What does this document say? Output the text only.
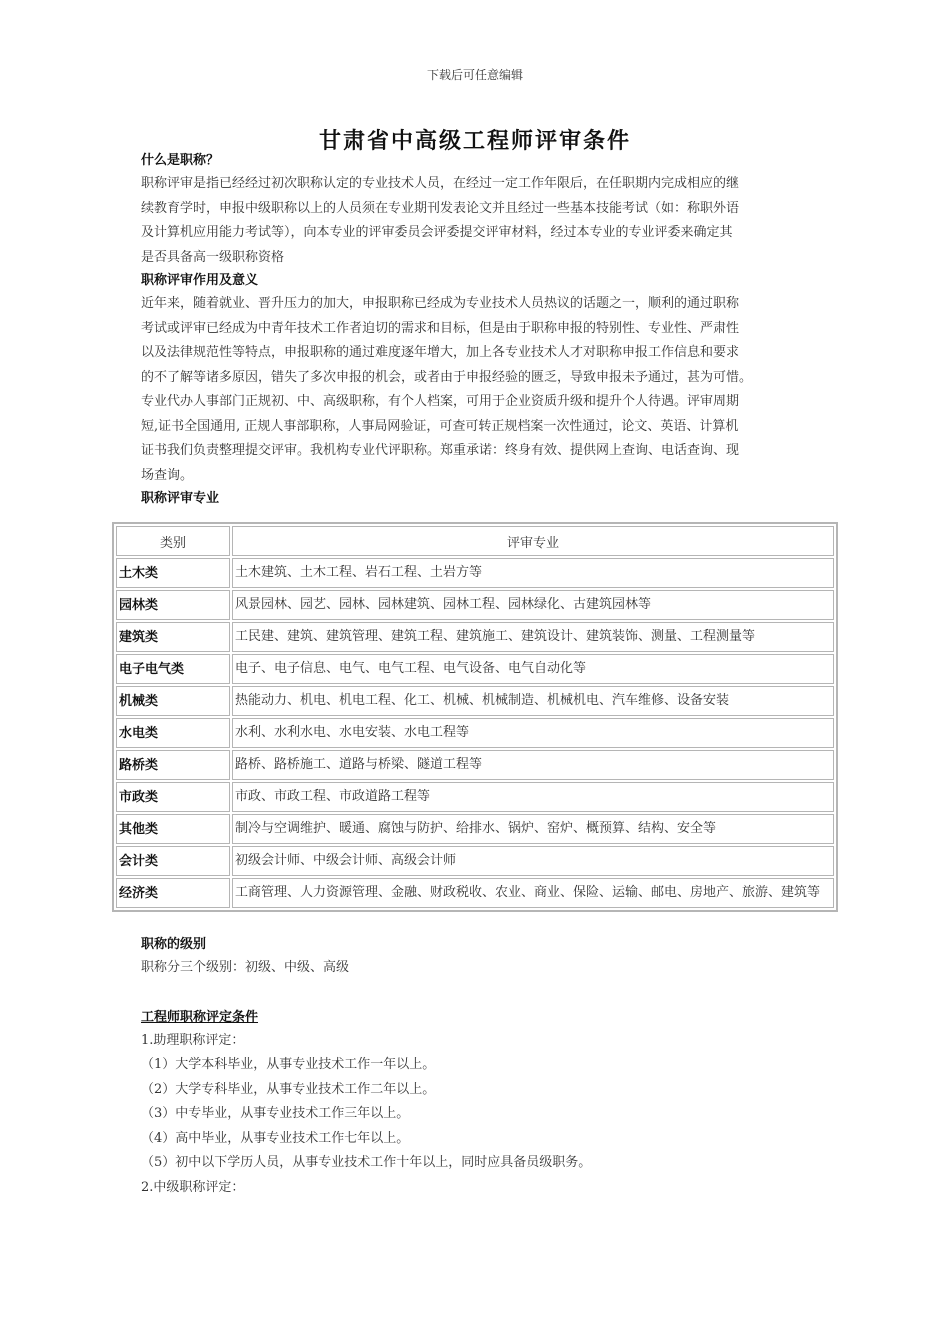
下载后可任意编辑
甘肃省中高级工程师评审条件

什么是职称？

职称评审是指已经经过初次职称认定的专业技术人员，在经过一定工作年限后，在任职期内完成相应的继

续教育学时，申报中级职称以上的人员须在专业期刊发表论文并且经过一些基本技能考试（如：称职外语

及计算机应用能力考试等），向本专业的评审委员会评委提交评审材料，经过本专业的专业评委来确定其

是否具备高一级职称资格

职称评审作用及意义

近年来，随着就业、晋升压力的加大，申报职称已经成为专业技术人员热议的话题之一，顺利的通过职称

考试或评审已经成为中青年技术工作者迫切的需求和目标，但是由于职称申报的特别性、专业性、严肃性

以及法律规范性等特点，申报职称的通过难度逐年增大，加上各专业技术人才对职称申报工作信息和要求

的不了解等诸多原因，错失了多次申报的机会，或者由于申报经验的匮乏，导致申报未予通过，甚为可惜。

专业代办人事部门正规初、中、高级职称，有个人档案，可用于企业资质升级和提升个人待遇。评审周期

短,证书全国通用, 正规人事部职称，人事局网验证，可查可转正规档案一次性通过，论文、英语、计算机

证书我们负责整理提交评审。我机构专业代评职称。郑重承诺：终身有效、提供网上查询、电话查询、现

场查询。

职称评审专业

类别	评审专业
土木类	土木建筑、土木工程、岩石工程、土岩方等
园林类	风景园林、园艺、园林、园林建筑、园林工程、园林绿化、古建筑园林等
建筑类	工民建、建筑、建筑管理、建筑工程、建筑施工、建筑设计、建筑装饰、测量、工程测量等
电子电气类	电子、电子信息、电气、电气工程、电气设备、电气自动化等
机械类	热能动力、机电、机电工程、化工、机械、机械制造、机械机电、汽车维修、设备安装
水电类	水利、水利水电、水电安装、水电工程等
路桥类	路桥、路桥施工、道路与桥梁、隧道工程等
市政类	市政、市政工程、市政道路工程等
其他类	制冷与空调维护、暖通、腐蚀与防护、给排水、锅炉、窑炉、概预算、结构、安全等
会计类	初级会计师、中级会计师、高级会计师
经济类	工商管理、人力资源管理、金融、财政税收、农业、商业、保险、运输、邮电、房地产、旅游、建筑等

职称的级别

职称分三个级别：初级、中级、高级

工程师职称评定条件

1.助理职称评定：

（1）大学本科毕业，从事专业技术工作一年以上。

（2）大学专科毕业，从事专业技术工作二年以上。

（3）中专毕业，从事专业技术工作三年以上。

（4）高中毕业，从事专业技术工作七年以上。

（5）初中以下学历人员，从事专业技术工作十年以上，同时应具备员级职务。

2.中级职称评定：
